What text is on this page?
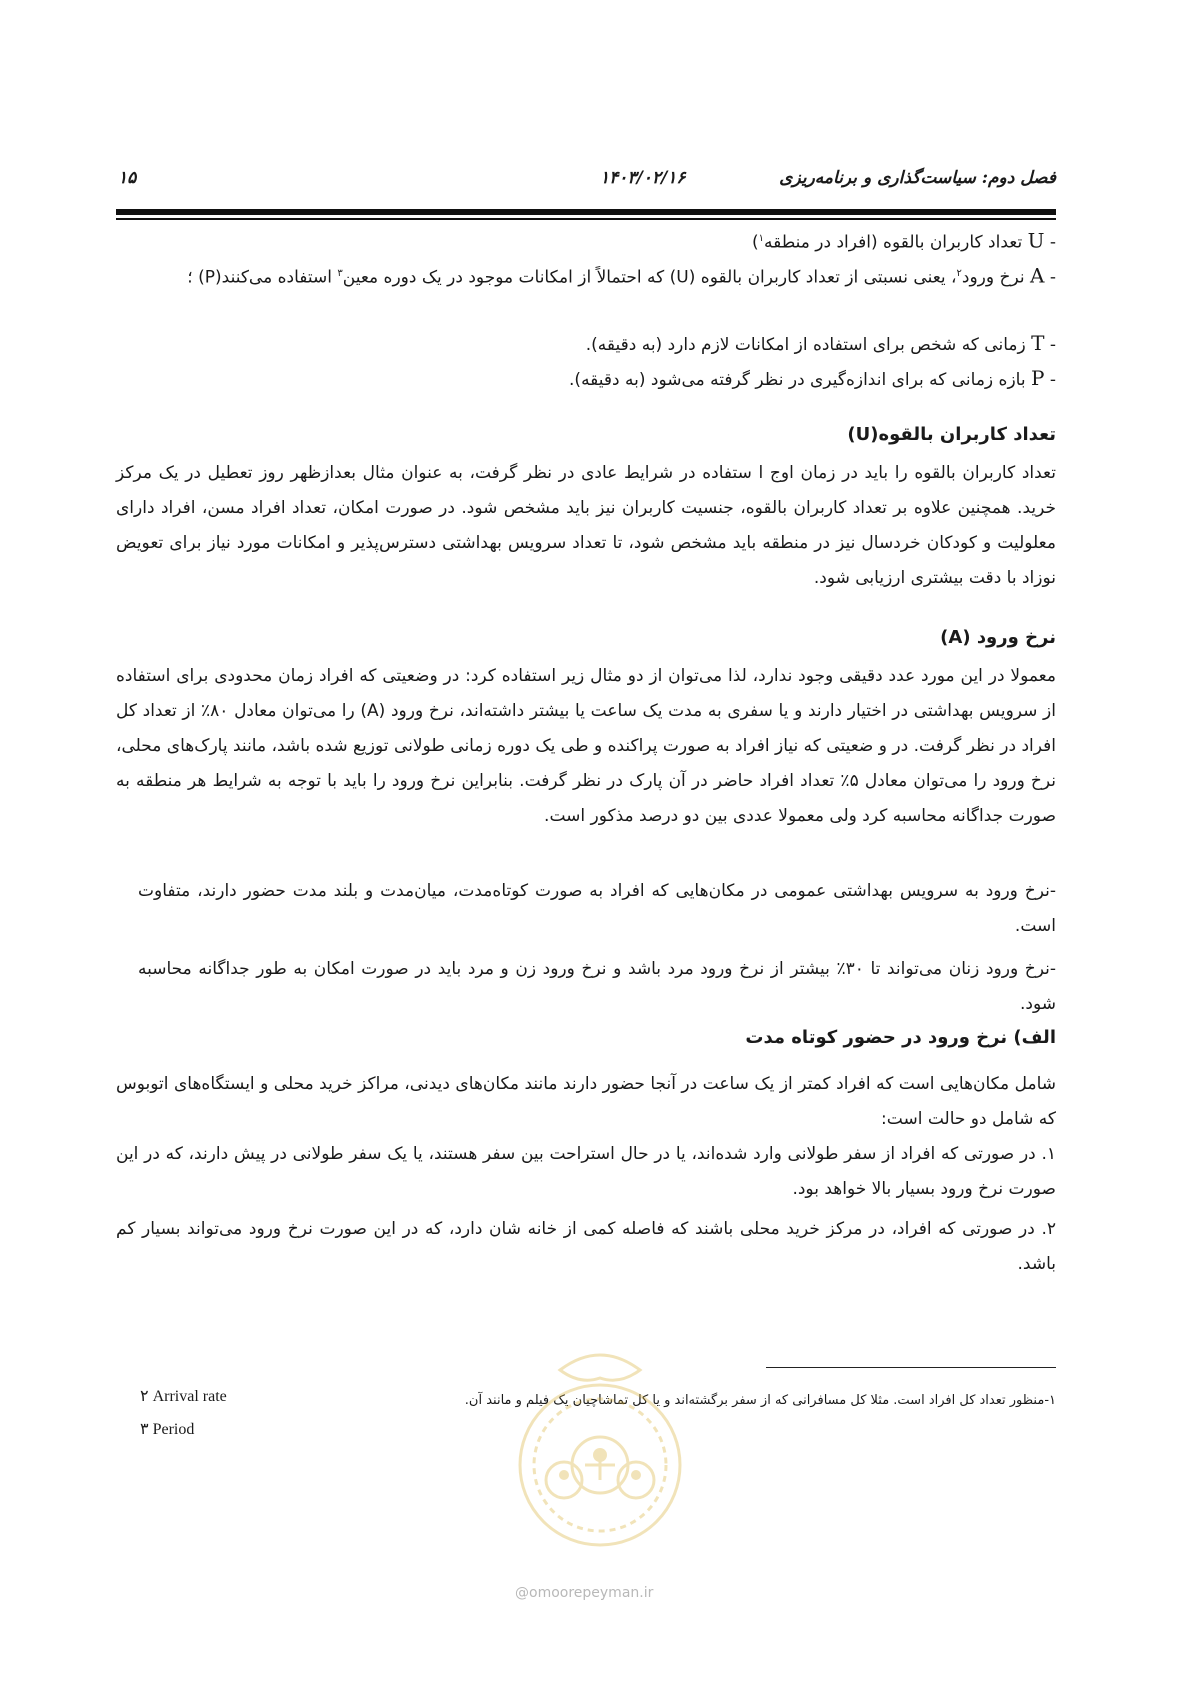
فصل دوم: سیاست‌گذاری و برنامه‌ریزی
۱۴۰۳/۰۲/۱۶
۱۵
- U تعداد کاربران بالقوه (افراد در منطقه$^۱$)
- A نرخ ورود$^۲$، یعنی نسبتی از تعداد کاربران بالقوه (U) که احتمالاً از امکانات موجود در یک دوره معین$^۳$ استفاده می‌کنند(P) ؛
- T زمانی که شخص برای استفاده از امکانات لازم دارد (به دقیقه).
- P بازه زمانی که برای اندازه‌گیری در نظر گرفته می‌شود (به دقیقه).
تعداد کاربران بالقوه(U)
تعداد کاربران بالقوه را باید در زمان اوج ا ستفاده در شرایط عادی در نظر گرفت، به عنوان مثال بعدازظهر روز تعطیل در یک مرکز خرید. همچنین علاوه بر تعداد کاربران بالقوه، جنسیت کاربران نیز باید مشخص شود. در صورت امکان، تعداد افراد مسن، افراد دارای معلولیت و کودکان خردسال نیز در منطقه باید مشخص شود، تا تعداد سرویس بهداشتی دسترس‌پذیر و امکانات مورد نیاز برای تعویض نوزاد با دقت بیشتری ارزیابی شود.
نرخ ورود (A)
معمولا در این مورد عدد دقیقی وجود ندارد، لذا می‌توان از دو مثال زیر استفاده کرد: در وضعیتی که افراد زمان محدودی برای استفاده از سرویس بهداشتی در اختیار دارند و یا سفری به مدت یک ساعت یا بیشتر داشته‌اند، نرخ ورود (A) را می‌توان معادل ۸۰٪ از تعداد کل افراد در نظر گرفت. در و ضعیتی که نیاز افراد به صورت پراکنده و طی یک دوره زمانی طولانی توزیع شده باشد، مانند پارک‌های محلی، نرخ ورود را می‌توان معادل ۵٪ تعداد افراد حاضر در آن پارک در نظر گرفت. بنابراین نرخ ورود را باید با توجه به شرایط هر منطقه به صورت جداگانه محاسبه کرد ولی معمولا عددی بین دو درصد مذکور است.
-نرخ ورود به سرویس بهداشتی عمومی در مکان‌هایی که افراد به صورت کوتاه‌مدت، میان‌مدت و بلند مدت حضور دارند، متفاوت است.
-نرخ ورود زنان می‌تواند تا ۳۰٪ بیشتر از نرخ ورود مرد باشد و نرخ ورود زن و مرد باید در صورت امکان به طور جداگانه محاسبه شود.
الف) نرخ ورود در حضور کوتاه مدت
شامل مکان‌هایی است که افراد کمتر از یک ساعت در آنجا حضور دارند مانند مکان‌های دیدنی، مراکز خرید محلی و ایستگاه‌های اتوبوس که شامل دو حالت است:
۱. در صورتی که افراد از سفر طولانی وارد شده‌اند، یا در حال استراحت بین سفر هستند، یا یک سفر طولانی در پیش دارند، که در این صورت نرخ ورود بسیار بالا خواهد بود.
۲. در صورتی که افراد، در مرکز خرید محلی باشند که فاصله کمی از خانه شان دارد، که در این صورت نرخ ورود می‌تواند بسیار کم باشد.
۱-منظور تعداد کل افراد است. مثلا کل مسافرانی که از سفر برگشته‌اند و یا کل تماشاچیان یک فیلم و مانند آن.
۲ Arrival rate
۳ Period
@omoorepeyman.ir
